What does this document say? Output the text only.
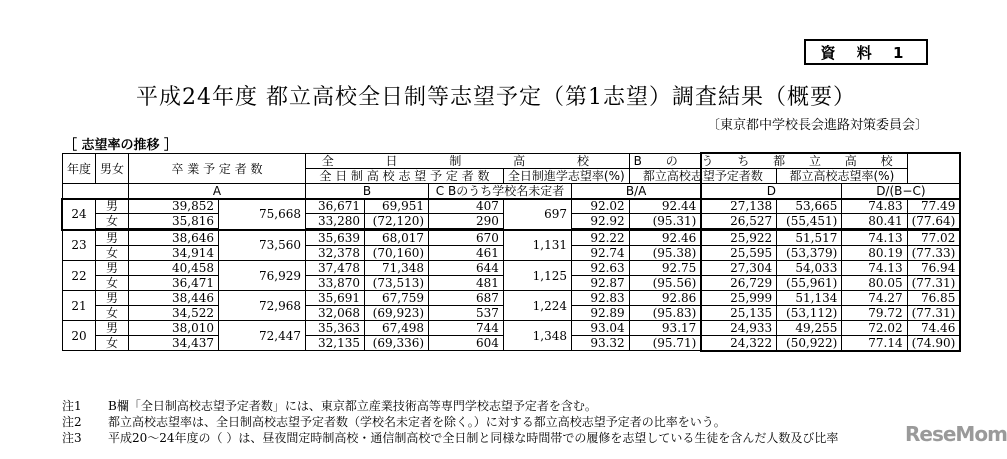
資 料 1
平成24年度 都立高校全日制等志望予定（第1志望）調査結果（概要）
〔東京都中学校長会進路対策委員会〕
［ 志望率の推移 ］
年度	男女	卒 業 予 定 者 数		全 日 制 高 校					B の う ち 都 立 高 校				
				全 日 制 高 校 志 望 予 定 者 数			全日制進学志望率(%)		都立高校志望予定者数		都立高校志望率(%)		
		A		B		C Bのうち学校名未定者		B/A		D		D/(B−C)	
24	男	39,852	75,668	36,671	69,951	407	697	92.02	92.44	27,138	53,665	74.83	77.49
	女	35,816		33,280	(72,120)	290		92.92	(95.31)	26,527	(55,451)	80.41	(77.64)
23	男	38,646	73,560	35,639	68,017	670	1,131	92.22	92.46	25,922	51,517	74.13	77.02
	女	34,914		32,378	(70,160)	461		92.74	(95.38)	25,595	(53,379)	80.19	(77.33)
22	男	40,458	76,929	37,478	71,348	644	1,125	92.63	92.75	27,304	54,033	74.13	76.94
	女	36,471		33,870	(73,513)	481		92.87	(95.56)	26,729	(55,961)	80.05	(77.31)
21	男	38,446	72,968	35,691	67,759	687	1,224	92.83	92.86	25,999	51,134	74.27	76.85
	女	34,522		32,068	(69,923)	537		92.89	(95.83)	25,135	(53,112)	79.72	(77.31)
20	男	38,010	72,447	35,363	67,498	744	1,348	93.04	93.17	24,933	49,255	72.02	74.46
	女	34,437		32,135	(69,336)	604		93.32	(95.71)	24,322	(50,922)	77.14	(74.90)
注1 B欄「全日制高校志望予定者数」には、東京都立産業技術高等専門学校志望予定者を含む。
注2 都立高校志望率は、全日制高校志望予定者数（学校名未定者を除く。）に対する都立高校志望予定者の比率をいう。
注3 平成20～24年度の（ ）は、昼夜間定時制高校・通信制高校で全日制と同様な時間帯での履修を志望している生徒を含んだ人数及び比率	ReseMom
